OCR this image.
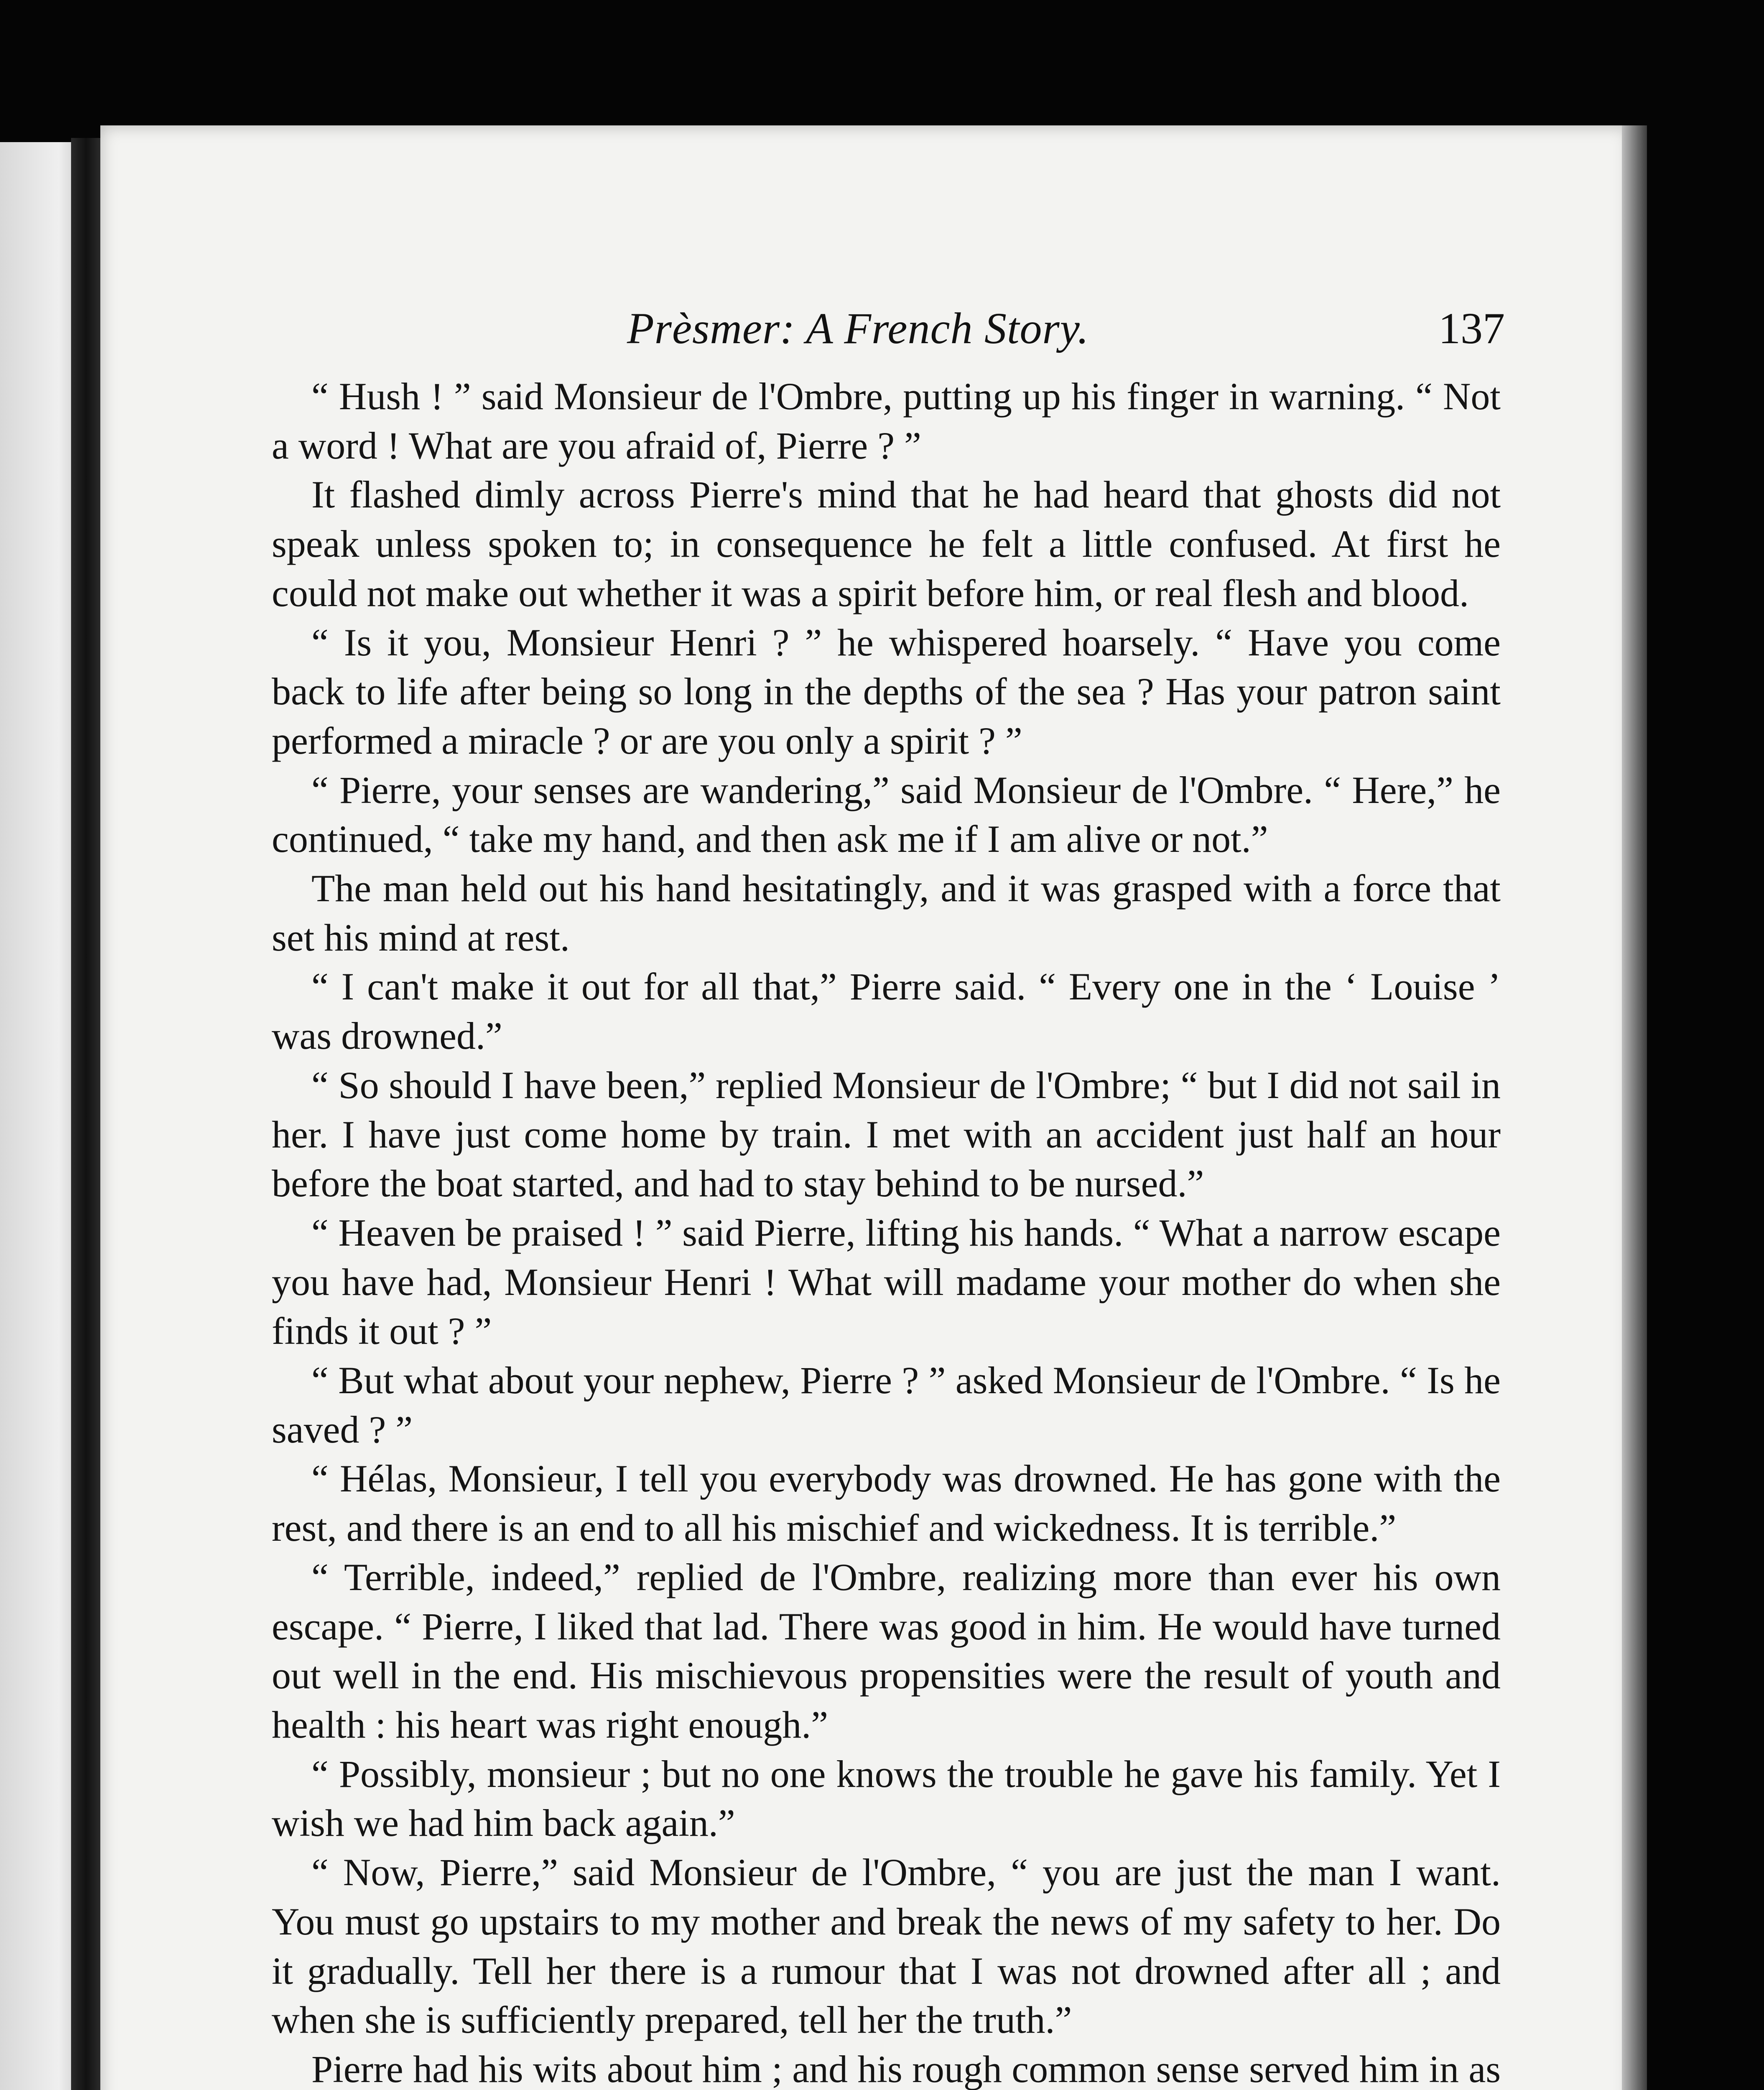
Prèsmer: A French Story.	137

“ Hush ! ” said Monsieur de l'Ombre, putting up his finger in warning. “ Not a word ! What are you afraid of, Pierre ? ”

It flashed dimly across Pierre's mind that he had heard that ghosts did not speak unless spoken to; in consequence he felt a little confused. At first he could not make out whether it was a spirit before him, or real flesh and blood.

“ Is it you, Monsieur Henri ? ” he whispered hoarsely. “ Have you come back to life after being so long in the depths of the sea ? Has your patron saint performed a miracle ? or are you only a spirit ? ”

“ Pierre, your senses are wandering,” said Monsieur de l'Ombre. “ Here,” he continued, “ take my hand, and then ask me if I am alive or not.”

The man held out his hand hesitatingly, and it was grasped with a force that set his mind at rest.

“ I can't make it out for all that,” Pierre said. “ Every one in the ‘ Louise ’ was drowned.”

“ So should I have been,” replied Monsieur de l'Ombre; “ but I did not sail in her. I have just come home by train. I met with an accident just half an hour before the boat started, and had to stay behind to be nursed.”

“ Heaven be praised ! ” said Pierre, lifting his hands. “ What a narrow escape you have had, Monsieur Henri ! What will madame your mother do when she finds it out ? ”

“ But what about your nephew, Pierre ? ” asked Monsieur de l'Ombre. “ Is he saved ? ”

“ Hélas, Monsieur, I tell you everybody was drowned. He has gone with the rest, and there is an end to all his mischief and wickedness. It is terrible.”

“ Terrible, indeed,” replied de l'Ombre, realizing more than ever his own escape. “ Pierre, I liked that lad. There was good in him. He would have turned out well in the end. His mischievous propensities were the result of youth and health : his heart was right enough.”

“ Possibly, monsieur ; but no one knows the trouble he gave his family. Yet I wish we had him back again.”

“ Now, Pierre,” said Monsieur de l'Ombre, “ you are just the man I want. You must go upstairs to my mother and break the news of my safety to her. Do it gradually. Tell her there is a rumour that I was not drowned after all ; and when she is sufficiently prepared, tell her the truth.”

Pierre had his wits about him ; and his rough common sense served him in as
